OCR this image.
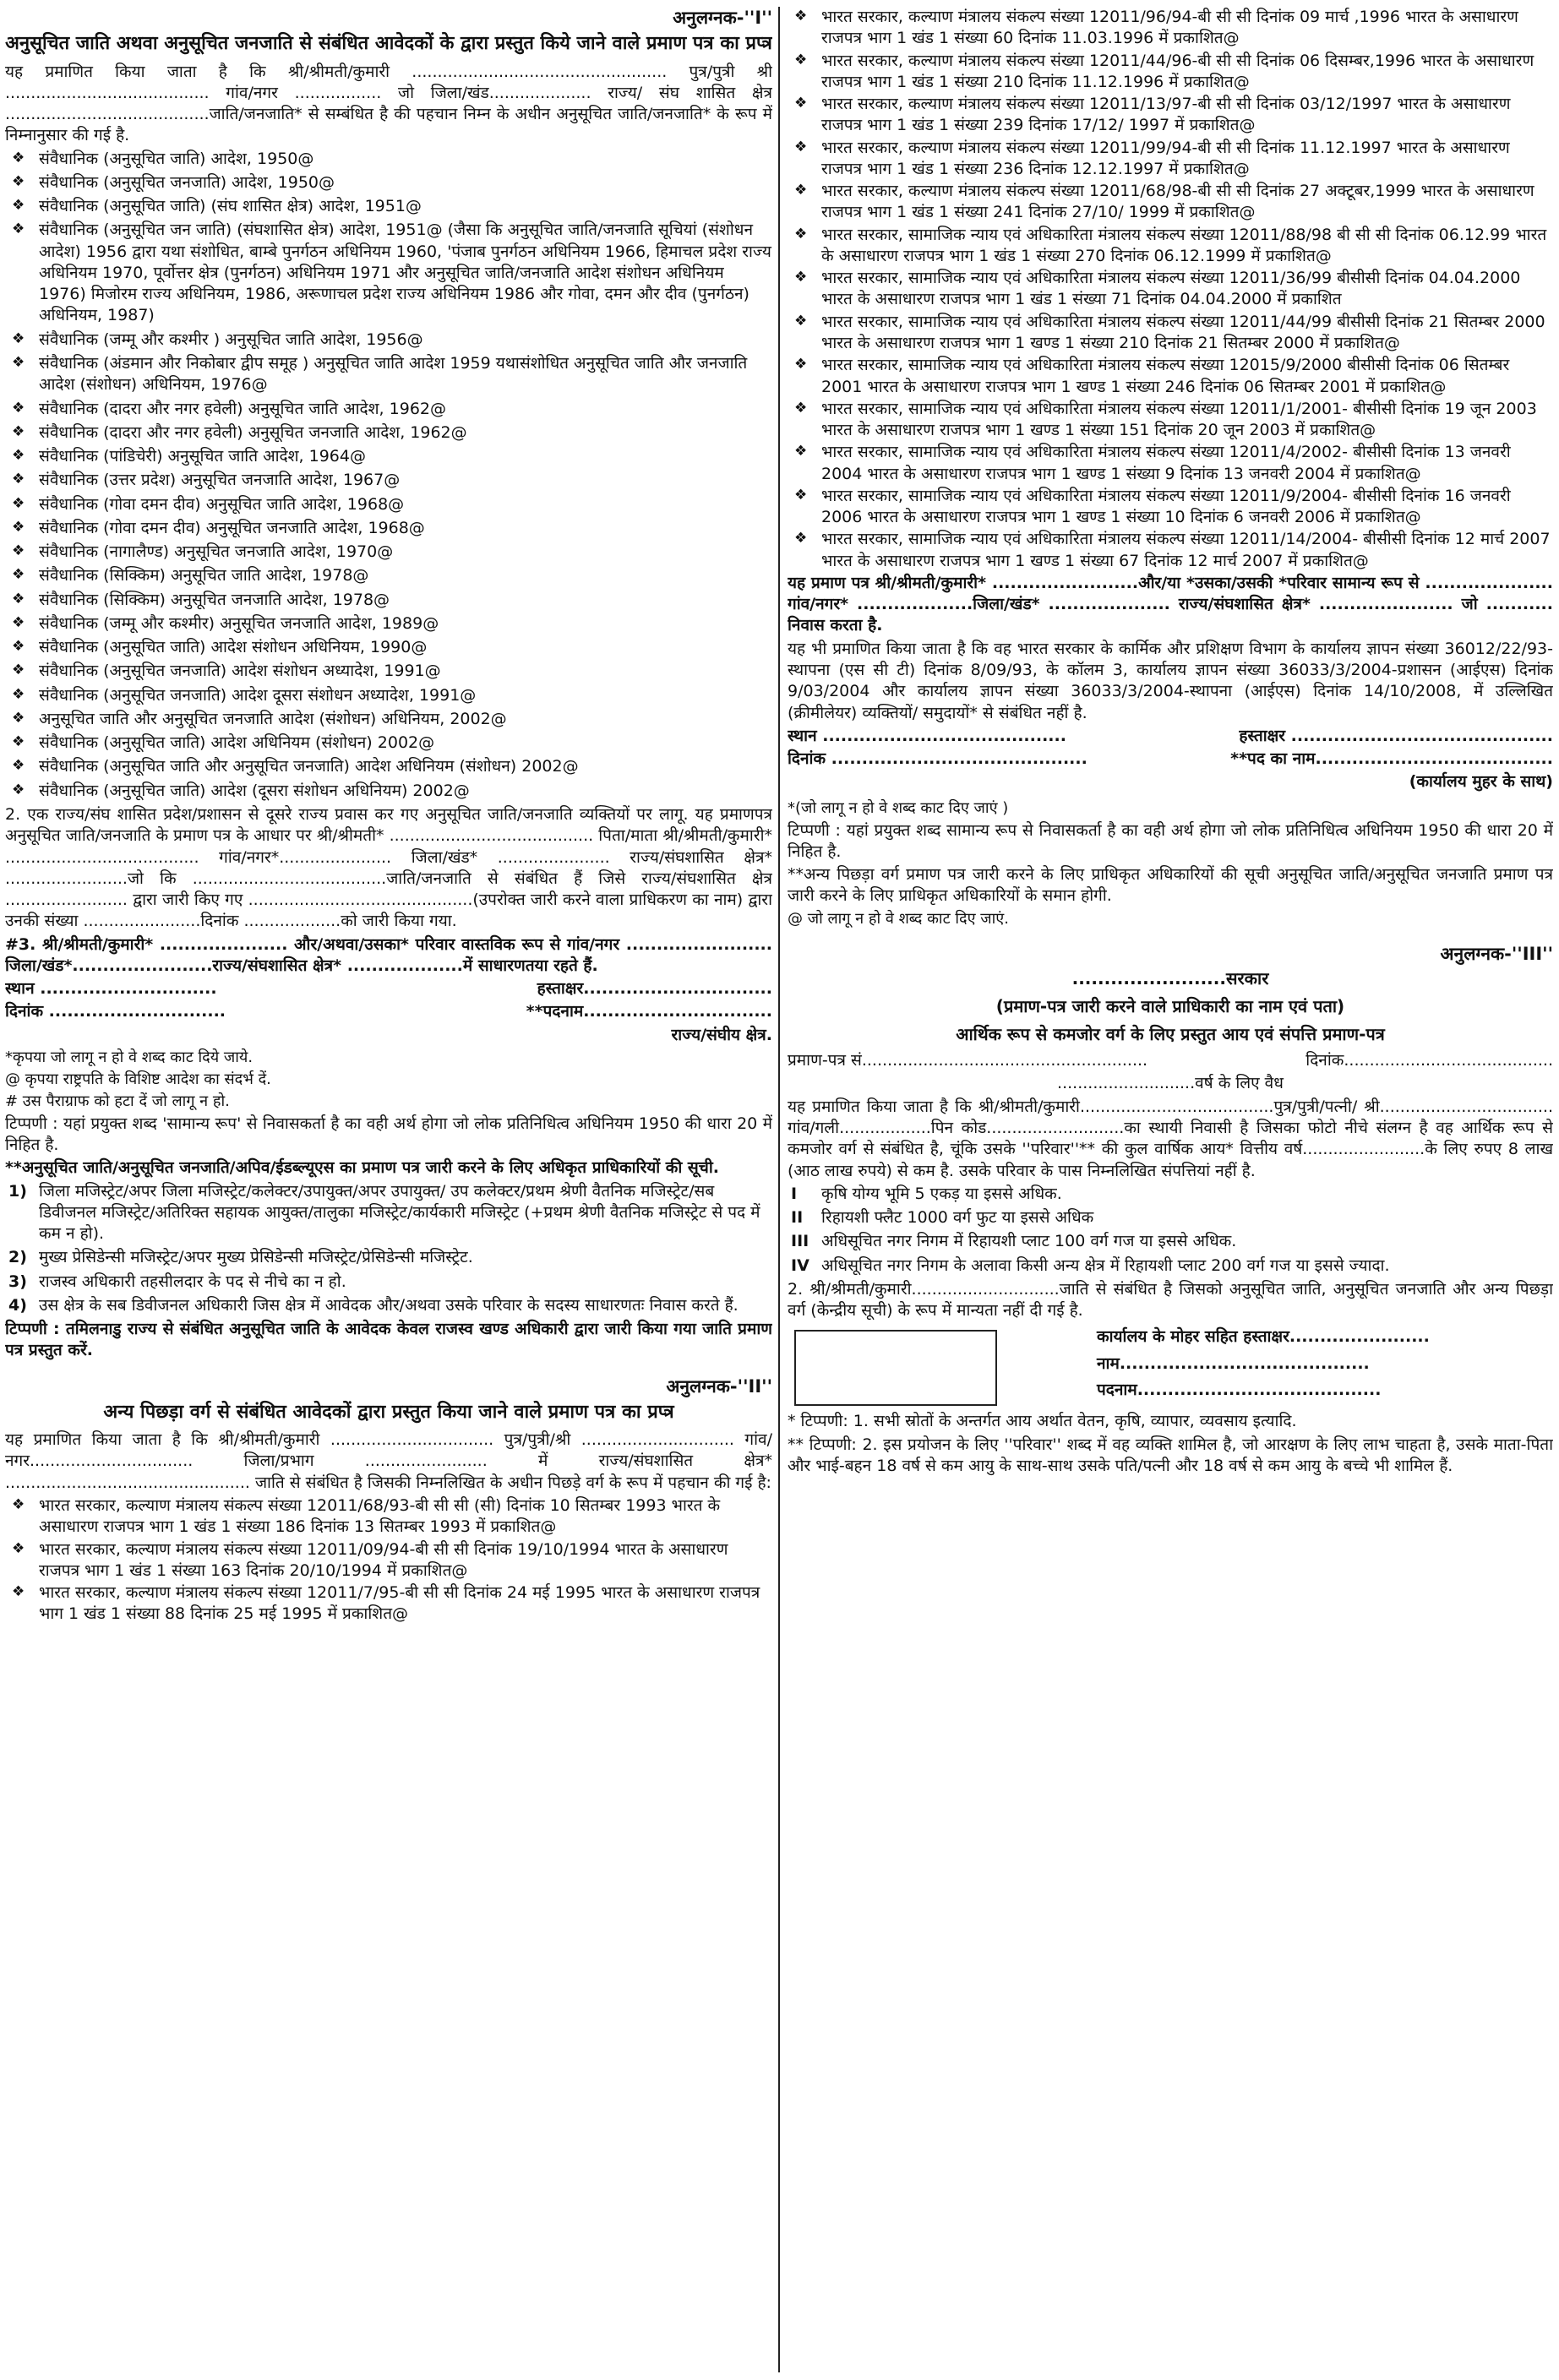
अनुलग्नक-''I''
अनुसूचित जाति अथवा अनुसूचित जनजाति से संबंधित आवेदकों के द्वारा प्रस्तुत किये जाने वाले प्रमाण पत्र का प्रप्त्र

यह प्रमाणित किया जाता है कि श्री/श्रीमती/कुमारी .................................................. पुत्र/पुत्री श्री ........................................ गांव/नगर ................. जो जिला/खंड.................... राज्य/ संघ शासित क्षेत्र ........................................जाति/जनजाति* से सम्बंधित है की पहचान निम्न के अधीन अनुसूचित जाति/जनजाति* के रूप में निम्नानुसार की गई है.

❖ संवैधानिक (अनुसूचित जाति) आदेश, 1950@
❖ संवैधानिक (अनुसूचित जनजाति) आदेश, 1950@
❖ संवैधानिक (अनुसूचित जाति) (संघ शासित क्षेत्र) आदेश, 1951@
❖ संवैधानिक (अनुसूचित जन जाति) (संघशासित क्षेत्र) आदेश, 1951@ (जैसा कि अनुसूचित जाति/जनजाति सूचियां (संशोधन आदेश) 1956 द्वारा यथा संशोधित, बाम्बे पुनर्गठन अधिनियम 1960, 'पंजाब पुनर्गठन अधिनियम 1966, हिमाचल प्रदेश राज्य अधिनियम 1970, पूर्वोत्तर क्षेत्र (पुनर्गठन) अधिनियम 1971 और अनुसूचित जाति/जनजाति आदेश संशोधन अधिनियम 1976) मिजोरम राज्य अधिनियम, 1986, अरूणाचल प्रदेश राज्य अधिनियम 1986 और गोवा, दमन और दीव (पुनर्गठन) अधिनियम, 1987)
❖ संवैधानिक (जम्मू और कश्मीर ) अनुसूचित जाति आदेश, 1956@
❖ संवैधानिक (अंडमान और निकोबार द्वीप समूह ) अनुसूचित जाति आदेश 1959 यथासंशोधित अनुसूचित जाति और जनजाति आदेश (संशोधन) अधिनियम, 1976@
❖ संवैधानिक (दादरा और नगर हवेली) अनुसूचित जाति आदेश, 1962@
❖ संवैधानिक (दादरा और नगर हवेली) अनुसूचित जनजाति आदेश, 1962@
❖ संवैधानिक (पांडिचेरी) अनुसूचित जाति आदेश, 1964@
❖ संवैधानिक (उत्तर प्रदेश) अनुसूचित जनजाति आदेश, 1967@
❖ संवैधानिक (गोवा दमन दीव) अनुसूचित जाति आदेश, 1968@
❖ संवैधानिक (गोवा दमन दीव) अनुसूचित जनजाति आदेश, 1968@
❖ संवैधानिक (नागालैण्ड) अनुसूचित जनजाति आदेश, 1970@
❖ संवैधानिक (सिक्किम) अनुसूचित जाति आदेश, 1978@
❖ संवैधानिक (सिक्किम) अनुसूचित जनजाति आदेश, 1978@
❖ संवैधानिक (जम्मू और कश्मीर) अनुसूचित जनजाति आदेश, 1989@
❖ संवैधानिक (अनुसूचित जाति) आदेश संशोधन अधिनियम, 1990@
❖ संवैधानिक (अनुसूचित जनजाति) आदेश संशोधन अध्यादेश, 1991@
❖ संवैधानिक (अनुसूचित जनजाति) आदेश दूसरा संशोधन अध्यादेश, 1991@
❖ अनुसूचित जाति और अनुसूचित जनजाति आदेश (संशोधन) अधिनियम, 2002@
❖ संवैधानिक (अनुसूचित जाति) आदेश अधिनियम (संशोधन) 2002@
❖ संवैधानिक (अनुसूचित जाति और अनुसूचित जनजाति) आदेश अधिनियम (संशोधन) 2002@
❖ संवैधानिक (अनुसूचित जाति) आदेश (दूसरा संशोधन अधिनियम) 2002@

2. एक राज्य/संघ शासित प्रदेश/प्रशासन से दूसरे राज्य प्रवास कर गए अनुसूचित जाति/जनजाति व्यक्तियों पर लागू. यह प्रमाणपत्र अनुसूचित जाति/जनजाति के प्रमाण पत्र के आधार पर श्री/श्रीमती* ........................................ पिता/माता श्री/श्रीमती/कुमारी* ...................................... गांव/नगर*...................... जिला/खंड* ...................... राज्य/संघशासित क्षेत्र* ........................जो कि ......................................जाति/जनजाति से संबंधित हैं जिसे राज्य/संघशासित क्षेत्र ........................ द्वारा जारी किए गए ............................................(उपरोक्त जारी करने वाला प्राधिकरण का नाम) द्वारा उनकी संख्या .......................दिनांक ...................को जारी किया गया.

#3. श्री/श्रीमती/कुमारी* ..................... और/अथवा/उसका* परिवार वास्तविक रूप से गांव/नगर ........................ जिला/खंड*.......................राज्य/संघशासित क्षेत्र* ...................में साधारणतया रहते हैं.

स्थान .............................	हस्ताक्षर...............................
दिनांक .............................	**पदनाम...............................
राज्य/संघीय क्षेत्र.

*कृपया जो लागू न हो वे शब्द काट दिये जाये.

@ कृपया राष्ट्रपति के विशिष्ट आदेश का संदर्भ दें.

# उस पैराग्राफ को हटा दें जो लागू न हो.

टिप्पणी : यहां प्रयुक्त शब्द 'सामान्य रूप' से निवासकर्ता है का वही अर्थ होगा जो लोक प्रतिनिधित्व अधिनियम 1950 की धारा 20 में निहित है.

**अनुसूचित जाति/अनुसूचित जनजाति/अपिव/ईडब्ल्यूएस का प्रमाण पत्र जारी करने के लिए अधिकृत प्राधिकारियों की सूची.

1) जिला मजिस्ट्रेट/अपर जिला मजिस्ट्रेट/कलेक्टर/उपायुक्त/अपर उपायुक्त/ उप कलेक्टर/प्रथम श्रेणी वैतनिक मजिस्ट्रेट/सब डिवीजनल मजिस्ट्रेट/अतिरिक्त सहायक आयुक्त/तालुका मजिस्ट्रेट/कार्यकारी मजिस्ट्रेट (+प्रथम श्रेणी वैतनिक मजिस्ट्रेट से पद में कम न हो).
2) मुख्य प्रेसिडेन्सी मजिस्ट्रेट/अपर मुख्य प्रेसिडेन्सी मजिस्ट्रेट/प्रेसिडेन्सी मजिस्ट्रेट.
3) राजस्व अधिकारी तहसीलदार के पद से नीचे का न हो.
4) उस क्षेत्र के सब डिवीजनल अधिकारी जिस क्षेत्र में आवेदक और/अथवा उसके परिवार के सदस्य साधारणतः निवास करते हैं.

टिप्पणी : तमिलनाडु राज्य से संबंधित अनुसूचित जाति के आवेदक केवल राजस्व खण्ड अधिकारी द्वारा जारी किया गया जाति प्रमाण पत्र प्रस्तुत करें.

अनुलग्नक-''II''
अन्य पिछड़ा वर्ग से संबंधित आवेदकों द्वारा प्रस्तुत किया जाने वाले प्रमाण पत्र का प्रप्त्र

यह प्रमाणित किया जाता है कि श्री/श्रीमती/कुमारी ................................ पुत्र/पुत्री/श्री .............................. गांव/नगर................................ जिला/प्रभाग ........................ में राज्य/संघशासित क्षेत्र* ................................................ जाति से संबंधित है जिसकी निम्नलिखित के अधीन पिछड़े वर्ग के रूप में पहचान की गई है:

❖ भारत सरकार, कल्याण मंत्रालय संकल्प संख्या 12011/68/93-बी सी सी (सी) दिनांक 10 सितम्बर 1993 भारत के असाधारण राजपत्र भाग 1 खंड 1 संख्या 186 दिनांक 13 सितम्बर 1993 में प्रकाशित@
❖ भारत सरकार, कल्याण मंत्रालय संकल्प संख्या 12011/09/94-बी सी सी दिनांक 19/10/1994 भारत के असाधारण राजपत्र भाग 1 खंड 1 संख्या 163 दिनांक 20/10/1994 में प्रकाशित@
❖ भारत सरकार, कल्याण मंत्रालय संकल्प संख्या 12011/7/95-बी सी सी दिनांक 24 मई 1995 भारत के असाधारण राजपत्र भाग 1 खंड 1 संख्या 88 दिनांक 25 मई 1995 में प्रकाशित@
❖ भारत सरकार, कल्याण मंत्रालय संकल्प संख्या 12011/96/94-बी सी सी दिनांक 09 मार्च ,1996 भारत के असाधारण राजपत्र भाग 1 खंड 1 संख्या 60 दिनांक 11.03.1996 में प्रकाशित@
❖ भारत सरकार, कल्याण मंत्रालय संकल्प संख्या 12011/44/96-बी सी सी दिनांक 06 दिसम्बर,1996 भारत के असाधारण राजपत्र भाग 1 खंड 1 संख्या 210 दिनांक 11.12.1996 में प्रकाशित@
❖ भारत सरकार, कल्याण मंत्रालय संकल्प संख्या 12011/13/97-बी सी सी दिनांक 03/12/1997 भारत के असाधारण राजपत्र भाग 1 खंड 1 संख्या 239 दिनांक 17/12/ 1997 में प्रकाशित@
❖ भारत सरकार, कल्याण मंत्रालय संकल्प संख्या 12011/99/94-बी सी सी दिनांक 11.12.1997 भारत के असाधारण राजपत्र भाग 1 खंड 1 संख्या 236 दिनांक 12.12.1997 में प्रकाशित@
❖ भारत सरकार, कल्याण मंत्रालय संकल्प संख्या 12011/68/98-बी सी सी दिनांक 27 अक्टूबर,1999 भारत के असाधारण राजपत्र भाग 1 खंड 1 संख्या 241 दिनांक 27/10/ 1999 में प्रकाशित@
❖ भारत सरकार, सामाजिक न्याय एवं अधिकारिता मंत्रालय संकल्प संख्या 12011/88/98 बी सी सी दिनांक 06.12.99 भारत के असाधारण राजपत्र भाग 1 खंड 1 संख्या 270 दिनांक 06.12.1999 में प्रकाशित@
❖ भारत सरकार, सामाजिक न्याय एवं अधिकारिता मंत्रालय संकल्प संख्या 12011/36/99 बीसीसी दिनांक 04.04.2000 भारत के असाधारण राजपत्र भाग 1 खंड 1 संख्या 71 दिनांक 04.04.2000 में प्रकाशित
❖ भारत सरकार, सामाजिक न्याय एवं अधिकारिता मंत्रालय संकल्प संख्या 12011/44/99 बीसीसी दिनांक 21 सितम्बर 2000 भारत के असाधारण राजपत्र भाग 1 खण्ड 1 संख्या 210 दिनांक 21 सितम्बर 2000 में प्रकाशित@
❖ भारत सरकार, सामाजिक न्याय एवं अधिकारिता मंत्रालय संकल्प संख्या 12015/9/2000 बीसीसी दिनांक 06 सितम्बर 2001 भारत के असाधारण राजपत्र भाग 1 खण्ड 1 संख्या 246 दिनांक 06 सितम्बर 2001 में प्रकाशित@
❖ भारत सरकार, सामाजिक न्याय एवं अधिकारिता मंत्रालय संकल्प संख्या 12011/1/2001- बीसीसी दिनांक 19 जून 2003 भारत के असाधारण राजपत्र भाग 1 खण्ड 1 संख्या 151 दिनांक 20 जून 2003 में प्रकाशित@
❖ भारत सरकार, सामाजिक न्याय एवं अधिकारिता मंत्रालय संकल्प संख्या 12011/4/2002- बीसीसी दिनांक 13 जनवरी 2004 भारत के असाधारण राजपत्र भाग 1 खण्ड 1 संख्या 9 दिनांक 13 जनवरी 2004 में प्रकाशित@
❖ भारत सरकार, सामाजिक न्याय एवं अधिकारिता मंत्रालय संकल्प संख्या 12011/9/2004- बीसीसी दिनांक 16 जनवरी 2006 भारत के असाधारण राजपत्र भाग 1 खण्ड 1 संख्या 10 दिनांक 6 जनवरी 2006 में प्रकाशित@
❖ भारत सरकार, सामाजिक न्याय एवं अधिकारिता मंत्रालय संकल्प संख्या 12011/14/2004- बीसीसी दिनांक 12 मार्च 2007 भारत के असाधारण राजपत्र भाग 1 खण्ड 1 संख्या 67 दिनांक 12 मार्च 2007 में प्रकाशित@

यह प्रमाण पत्र श्री/श्रीमती/कुमारी* ........................और/या *उसका/उसकी *परिवार सामान्य रूप से ..................... गांव/नगर* ...................जिला/खंड* .................... राज्य/संघशासित क्षेत्र* ...................... जो ........... निवास करता है.

यह भी प्रमाणित किया जाता है कि वह भारत सरकार के कार्मिक और प्रशिक्षण विभाग के कार्यालय ज्ञापन संख्या 36012/22/93-स्थापना (एस सी टी) दिनांक 8/09/93, के कॉलम 3, कार्यालय ज्ञापन संख्या 36033/3/2004-प्रशासन (आईएस) दिनांक 9/03/2004 और कार्यालय ज्ञापन संख्या 36033/3/2004-स्थापना (आईएस) दिनांक 14/10/2008, में उल्लिखित (क्रीमीलेयर) व्यक्तियों/ समुदायों* से संबंधित नहीं है.

स्थान ........................................	हस्ताक्षर ...........................................
दिनांक ..........................................	**पद का नाम.......................................
(कार्यालय मुहर के साथ)

*(जो लागू न हो वे शब्द काट दिए जाएं )

टिप्पणी : यहां प्रयुक्त शब्द सामान्य रूप से निवासकर्ता है का वही अर्थ होगा जो लोक प्रतिनिधित्व अधिनियम 1950 की धारा 20 में निहित है.

**अन्य पिछड़ा वर्ग प्रमाण पत्र जारी करने के लिए प्राधिकृत अधिकारियों की सूची अनुसूचित जाति/अनुसूचित जनजाति प्रमाण पत्र जारी करने के लिए प्राधिकृत अधिकारियों के समान होगी.

@ जो लागू न हो वे शब्द काट दिए जाएं.

अनुलग्नक-''III''
........................सरकार
(प्रमाण-पत्र जारी करने वाले प्राधिकारी का नाम एवं पता)
आर्थिक रूप से कमजोर वर्ग के लिए प्रस्तुत आय एवं संपत्ति प्रमाण-पत्र
प्रमाण-पत्र सं........................................................	दिनांक.........................................

...........................वर्ष के लिए वैध

यह प्रमाणित किया जाता है कि श्री/श्रीमती/कुमारी......................................पुत्र/पुत्री/पत्नी/ श्री.................................. गांव/गली..................पिन कोड...........................का स्थायी निवासी है जिसका फोटो नीचे संलग्न है वह आर्थिक रूप से कमजोर वर्ग से संबंधित है, चूंकि उसके ''परिवार''** की कुल वार्षिक आय* वित्तीय वर्ष........................के लिए रुपए 8 लाख (आठ लाख रुपये) से कम है. उसके परिवार के पास निम्नलिखित संपत्तियां नहीं है.

I कृषि योग्य भूमि 5 एकड़ या इससे अधिक.
II रिहायशी फ्लैट 1000 वर्ग फुट या इससे अधिक
III अधिसूचित नगर निगम में रिहायशी प्लाट 100 वर्ग गज या इससे अधिक.
IV अधिसूचित नगर निगम के अलावा किसी अन्य क्षेत्र में रिहायशी प्लाट 200 वर्ग गज या इससे ज्यादा.

2. श्री/श्रीमती/कुमारी.............................जाति से संबंधित है जिसको अनुसूचित जाति, अनुसूचित जनजाति और अन्य पिछड़ा वर्ग (केन्द्रीय सूची) के रूप में मान्यता नहीं दी गई है.

कार्यालय के मोहर सहित हस्ताक्षर.......................

नाम.........................................

पदनाम........................................

* टिप्पणी: 1. सभी स्रोतों के अन्तर्गत आय अर्थात वेतन, कृषि, व्यापार, व्यवसाय इत्यादि.

** टिप्पणी: 2. इस प्रयोजन के लिए ''परिवार'' शब्द में वह व्यक्ति शामिल है, जो आरक्षण के लिए लाभ चाहता है, उसके माता-पिता और भाई-बहन 18 वर्ष से कम आयु के साथ-साथ उसके पति/पत्नी और 18 वर्ष से कम आयु के बच्चे भी शामिल हैं.
